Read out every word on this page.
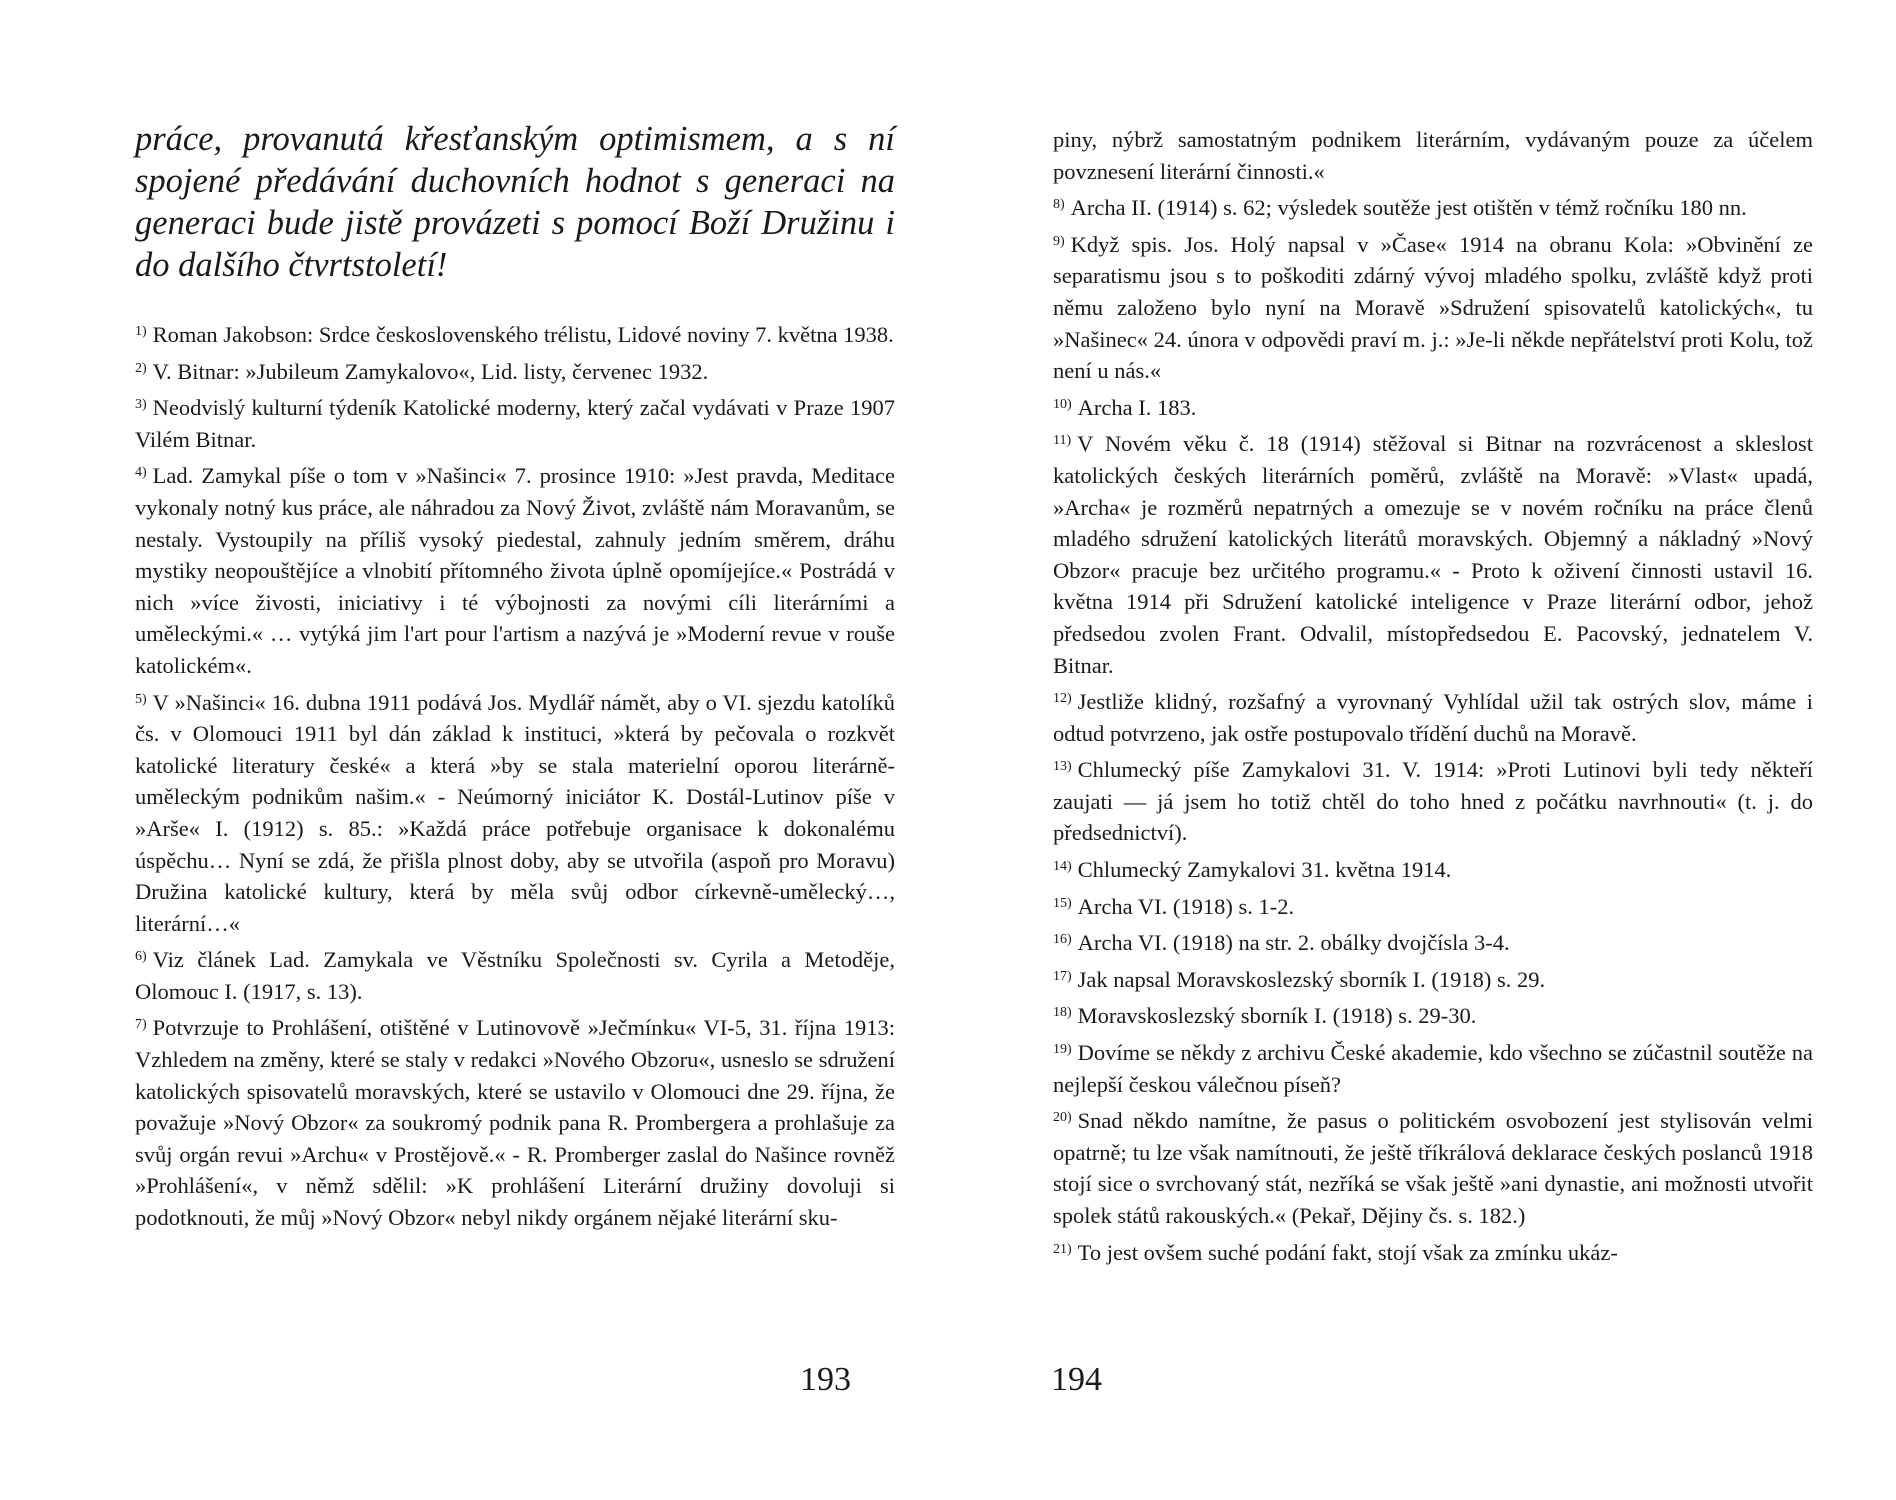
práce, provanutá křesťanským optimismem, a s ní spojené předávání duchovních hodnot s generaci na generaci bude jistě provázeti s pomocí Boží Družinu i do dalšího čtvrtstoletí!

$^{1)}$ Roman Jakobson: Srdce československého trélistu, Lidové noviny 7. května 1938.

$^{2)}$ V. Bitnar: »Jubileum Zamykalovo«, Lid. listy, červenec 1932.

$^{3)}$ Neodvislý kulturní týdeník Katolické moderny, který začal vydávati v Praze 1907 Vilém Bitnar.

$^{4)}$ Lad. Zamykal píše o tom v »Našinci« 7. prosince 1910: »Jest pravda, Meditace vykonaly notný kus práce, ale náhradou za Nový Život, zvláště nám Moravanům, se nestaly. Vystoupily na příliš vysoký piedestal, zahnuly jedním směrem, dráhu mystiky neopouštějíce a vlnobití přítomného života úplně opomíjejíce.« Postrádá v nich »více živosti, iniciativy i té výbojnosti za novými cíli literárními a uměleckými.« … vytýká jim l'art pour l'artism a nazývá je »Moderní revue v rouše katolickém«.

$^{5)}$ V »Našinci« 16. dubna 1911 podává Jos. Mydlář námět, aby o VI. sjezdu katolíků čs. v Olomouci 1911 byl dán základ k instituci, »která by pečovala o rozkvět katolické literatury české« a která »by se stala materielní oporou literárně-uměleckým podnikům našim.« - Neúmorný iniciátor K. Dostál-Lutinov píše v »Arše« I. (1912) s. 85.: »Každá práce potřebuje organisace k dokonalému úspěchu… Nyní se zdá, že přišla plnost doby, aby se utvořila (aspoň pro Moravu) Družina katolické kultury, která by měla svůj odbor církevně-umělecký…, literární…«

$^{6)}$ Viz článek Lad. Zamykala ve Věstníku Společnosti sv. Cyrila a Metoděje, Olomouc I. (1917, s. 13).

$^{7)}$ Potvrzuje to Prohlášení, otištěné v Lutinovově »Ječmínku« VI-5, 31. října 1913: Vzhledem na změny, které se staly v redakci »Nového Obzoru«, usneslo se sdružení katolických spisovatelů moravských, které se ustavilo v Olomouci dne 29. října, že považuje »Nový Obzor« za soukromý podnik pana R. Prombergera a prohlašuje za svůj orgán revui »Archu« v Prostějově.« - R. Promberger zaslal do Našince rovněž »Prohlášení«, v němž sdělil: »K prohlášení Literární družiny dovoluji si podotknouti, že můj »Nový Obzor« nebyl nikdy orgánem nějaké literární sku-

193

piny, nýbrž samostatným podnikem literárním, vydávaným pouze za účelem povznesení literární činnosti.«

$^{8)}$ Archa II. (1914) s. 62; výsledek soutěže jest otištěn v témž ročníku 180 nn.

$^{9)}$ Když spis. Jos. Holý napsal v »Čase« 1914 na obranu Kola: »Obvinění ze separatismu jsou s to poškoditi zdárný vývoj mladého spolku, zvláště když proti němu založeno bylo nyní na Moravě »Sdružení spisovatelů katolických«, tu »Našinec« 24. února v odpovědi praví m. j.: »Je-li někde nepřátelství proti Kolu, tož není u nás.«

$^{10)}$ Archa I. 183.

$^{11)}$ V Novém věku č. 18 (1914) stěžoval si Bitnar na rozvrácenost a skleslost katolických českých literárních poměrů, zvláště na Moravě: »Vlast« upadá, »Archa« je rozměrů nepatrných a omezuje se v novém ročníku na práce členů mladého sdružení katolických literátů moravských. Objemný a nákladný »Nový Obzor« pracuje bez určitého programu.« - Proto k oživení činnosti ustavil 16. května 1914 při Sdružení katolické inteligence v Praze literární odbor, jehož předsedou zvolen Frant. Odvalil, místopředsedou E. Pacovský, jednatelem V. Bitnar.

$^{12)}$ Jestliže klidný, rozšafný a vyrovnaný Vyhlídal užil tak ostrých slov, máme i odtud potvrzeno, jak ostře postupovalo třídění duchů na Moravě.

$^{13)}$ Chlumecký píše Zamykalovi 31. V. 1914: »Proti Lutinovi byli tedy někteří zaujati — já jsem ho totiž chtěl do toho hned z počátku navrhnouti« (t. j. do předsednictví).

$^{14)}$ Chlumecký Zamykalovi 31. května 1914.

$^{15)}$ Archa VI. (1918) s. 1-2.

$^{16)}$ Archa VI. (1918) na str. 2. obálky dvojčísla 3-4.

$^{17)}$ Jak napsal Moravskoslezský sborník I. (1918) s. 29.

$^{18)}$ Moravskoslezský sborník I. (1918) s. 29-30.

$^{19)}$ Dovíme se někdy z archivu České akademie, kdo všechno se zúčastnil soutěže na nejlepší českou válečnou píseň?

$^{20)}$ Snad někdo namítne, že pasus o politickém osvobození jest stylisován velmi opatrně; tu lze však namítnouti, že ještě tříkrálová deklarace českých poslanců 1918 stojí sice o svrchovaný stát, nezříká se však ještě »ani dynastie, ani možnosti utvořit spolek států rakouských.« (Pekař, Dějiny čs. s. 182.)

$^{21)}$ To jest ovšem suché podání fakt, stojí však za zmínku ukáz-

194
